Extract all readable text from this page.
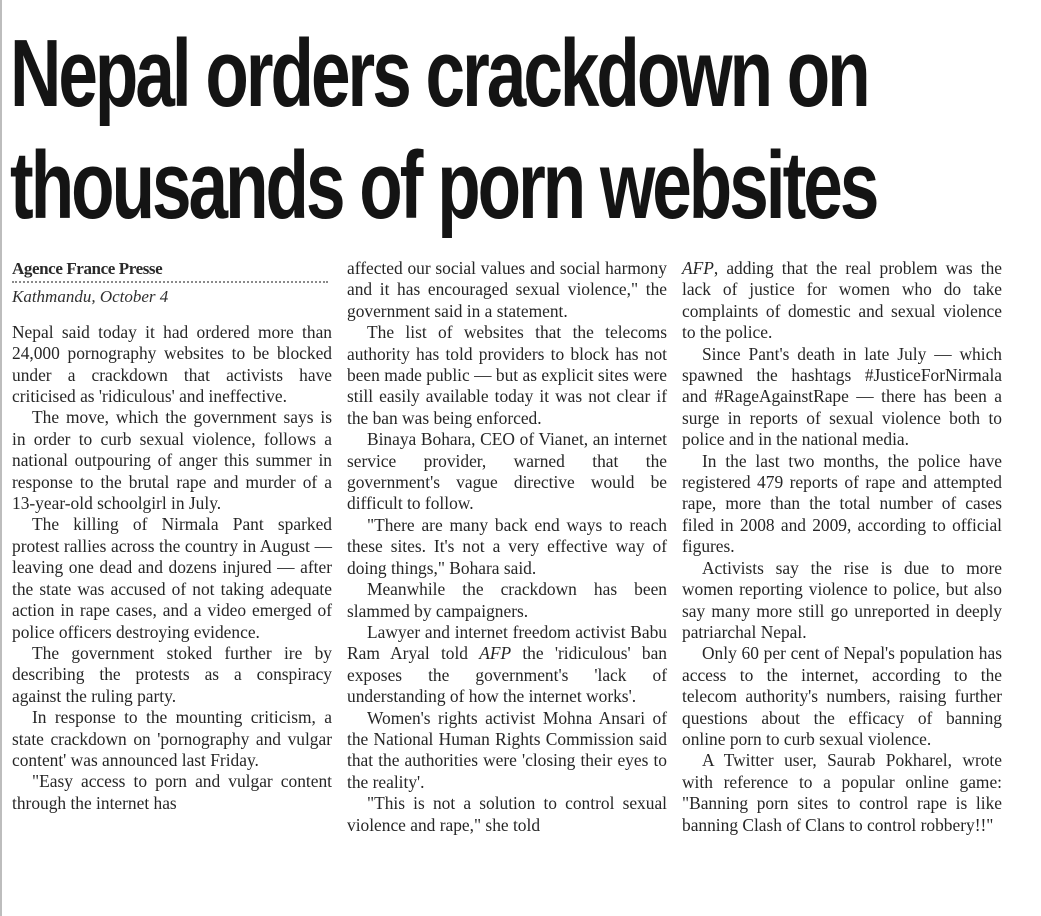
Nepal orders crackdown on
thousands of porn websites
Agence France Presse
Kathmandu, October 4

Nepal said today it had ordered more than 24,000 pornography websites to be blocked under a crackdown that activists have criticised as 'ridiculous' and ineffective.

The move, which the government says is in order to curb sexual violence, follows a national outpouring of anger this summer in response to the brutal rape and murder of a 13-year-old schoolgirl in July.

The killing of Nirmala Pant sparked protest rallies across the country in August — leaving one dead and dozens injured — after the state was accused of not taking adequate action in rape cases, and a video emerged of police officers destroying evidence.

The government stoked further ire by describing the protests as a conspiracy against the ruling party.

In response to the mounting criticism, a state crackdown on 'pornography and vulgar content' was announced last Friday.

"Easy access to porn and vulgar content through the internet has

affected our social values and social harmony and it has encouraged sexual violence," the government said in a statement.

The list of websites that the telecoms authority has told providers to block has not been made public — but as explicit sites were still easily available today it was not clear if the ban was being enforced.

Binaya Bohara, CEO of Vianet, an internet service provider, warned that the government's vague directive would be difficult to follow.

"There are many back end ways to reach these sites. It's not a very effective way of doing things," Bohara said.

Meanwhile the crackdown has been slammed by campaigners.

Lawyer and internet freedom activist Babu Ram Aryal told AFP the 'ridiculous' ban exposes the government's 'lack of understanding of how the internet works'.

Women's rights activist Mohna Ansari of the National Human Rights Commission said that the authorities were 'closing their eyes to the reality'.

"This is not a solution to control sexual violence and rape," she told

AFP, adding that the real problem was the lack of justice for women who do take complaints of domestic and sexual violence to the police.

Since Pant's death in late July — which spawned the hashtags #JusticeForNirmala and #RageAgainstRape — there has been a surge in reports of sexual violence both to police and in the national media.

In the last two months, the police have registered 479 reports of rape and attempted rape, more than the total number of cases filed in 2008 and 2009, according to official figures.

Activists say the rise is due to more women reporting violence to police, but also say many more still go unreported in deeply patriarchal Nepal.

Only 60 per cent of Nepal's population has access to the internet, according to the telecom authority's numbers, raising further questions about the efficacy of banning online porn to curb sexual violence.

A Twitter user, Saurab Pokharel, wrote with reference to a popular online game: "Banning porn sites to control rape is like banning Clash of Clans to control robbery!!"
